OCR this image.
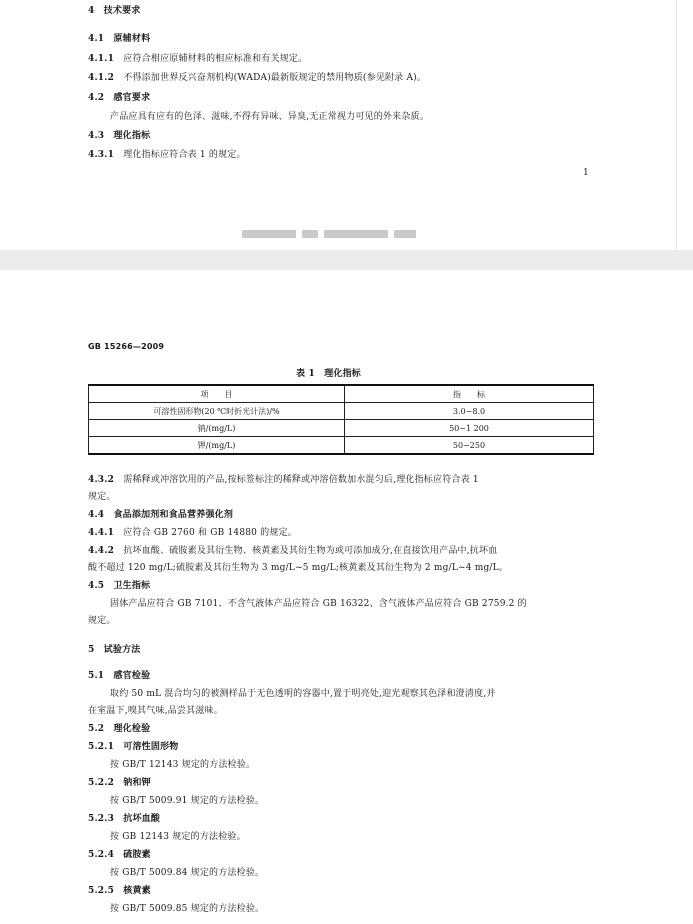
4　 技术要求
4.1　 原辅材料
4.1.1　 应符合相应原辅材料的相应标准和有关规定。
4.1.2　 不得添加世界反兴奋剂机构(WADA)最新版规定的禁用物质(参见附录 A)。
4.2　 感官要求
产品应具有应有的色泽、滋味,不得有异味、异臭,无正常视力可见的外来杂质。
4.3　 理化指标
4.3.1　 理化指标应符合表 1 的规定。
1
GB 15266—2009
表 1　理化指标
项　　目	指　　标
可溶性固形物(20 ℃时折光计法)/%	3.0~8.0
钠/(mg/L)	50~1 200
钾/(mg/L)	50~250
4.3.2　 需稀释或冲溶饮用的产品,按标签标注的稀释或冲溶倍数加水混匀后,理化指标应符合表 1
规定。
4.4　 食品添加剂和食品营养强化剂
4.4.1　 应符合 GB 2760 和 GB 14880 的规定。
4.4.2　 抗坏血酸、硫胺素及其衍生物、核黄素及其衍生物为或可添加成分,在直接饮用产品中,抗坏血
酸不超过 120 mg/L;硫胺素及其衍生物为 3 mg/L~5 mg/L;核黄素及其衍生物为 2 mg/L~4 mg/L。
4.5　 卫生指标
固体产品应符合 GB 7101、不含气液体产品应符合 GB 16322、含气液体产品应符合 GB 2759.2 的
规定。
5　 试验方法
5.1　 感官检验
取约 50 mL 混合均匀的被测样品于无色透明的容器中,置于明亮处,迎光观察其色泽和澄清度,并
在室温下,嗅其气味,品尝其滋味。
5.2　 理化检验
5.2.1　 可溶性固形物
按 GB/T 12143 规定的方法检验。
5.2.2　 钠和钾
按 GB/T 5009.91 规定的方法检验。
5.2.3　 抗坏血酸
按 GB 12143 规定的方法检验。
5.2.4　 硫胺素
按 GB/T 5009.84 规定的方法检验。
5.2.5　 核黄素
按 GB/T 5009.85 规定的方法检验。
